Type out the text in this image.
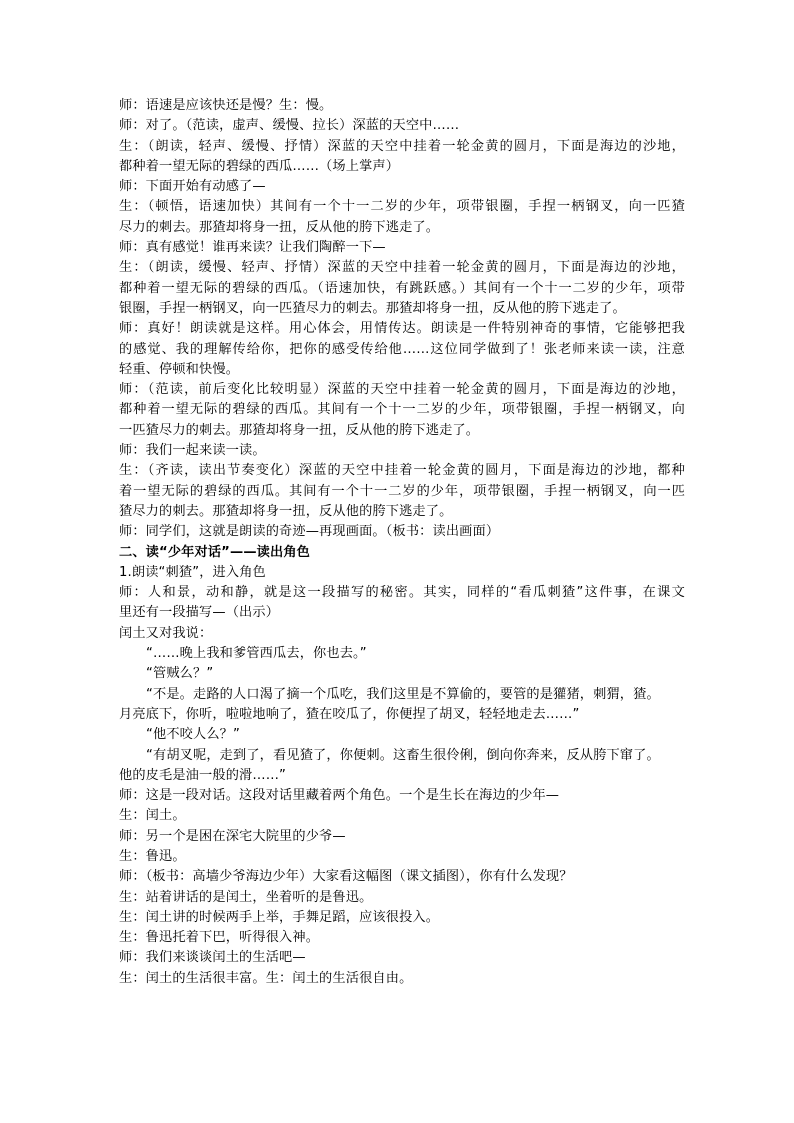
师：语速是应该快还是慢？生：慢。
师：对了。（范读，虚声、缓慢、拉长）深蓝的天空中……
生：（朗读，轻声、缓慢、抒情）深蓝的天空中挂着一轮金黄的圆月，下面是海边的沙地，
都种着一望无际的碧绿的西瓜……（场上掌声）
师：下面开始有动感了—
生：（顿悟，语速加快）其间有一个十一二岁的少年，项带银圈，手捏一柄钢叉，向一匹猹
尽力的刺去。那猹却将身一扭，反从他的胯下逃走了。
师：真有感觉！谁再来读？让我们陶醉一下—
生：（朗读，缓慢、轻声、抒情）深蓝的天空中挂着一轮金黄的圆月，下面是海边的沙地，
都种着一望无际的碧绿的西瓜。（语速加快，有跳跃感。）其间有一个十一二岁的少年，项带
银圈，手捏一柄钢叉，向一匹猹尽力的刺去。那猹却将身一扭，反从他的胯下逃走了。
师：真好！朗读就是这样。用心体会，用情传达。朗读是一件特别神奇的事情，它能够把我
的感觉、我的理解传给你，把你的感受传给他……这位同学做到了！张老师来读一读，注意
轻重、停顿和快慢。
师：（范读，前后变化比较明显）深蓝的天空中挂着一轮金黄的圆月，下面是海边的沙地，
都种着一望无际的碧绿的西瓜。其间有一个十一二岁的少年，项带银圈，手捏一柄钢叉，向
一匹猹尽力的刺去。那猹却将身一扭，反从他的胯下逃走了。
师：我们一起来读一读。
生：（齐读，读出节奏变化）深蓝的天空中挂着一轮金黄的圆月，下面是海边的沙地，都种
着一望无际的碧绿的西瓜。其间有一个十一二岁的少年，项带银圈，手捏一柄钢叉，向一匹
猹尽力的刺去。那猹却将身一扭，反从他的胯下逃走了。
师：同学们，这就是朗读的奇迹—再现画面。（板书：读出画面）
二、读“少年对话”——读出角色
1.朗读“刺猹”，进入角色
师：人和景，动和静，就是这一段描写的秘密。其实，同样的“看瓜刺猹”这件事，在课文
里还有一段描写—（出示）
闰土又对我说：
“……晚上我和爹管西瓜去，你也去。”
“管贼么？”
“不是。走路的人口渴了摘一个瓜吃，我们这里是不算偷的，要管的是獾猪，刺猬，猹。
月亮底下，你听，啦啦地响了，猹在咬瓜了，你便捏了胡叉，轻轻地走去……”
“他不咬人么？”
“有胡叉呢，走到了，看见猹了，你便刺。这畜生很伶俐，倒向你奔来，反从胯下窜了。
他的皮毛是油一般的滑……”
师：这是一段对话。这段对话里藏着两个角色。一个是生长在海边的少年—
生：闰土。
师：另一个是困在深宅大院里的少爷—
生：鲁迅。
师：（板书：高墙少爷海边少年）大家看这幅图（课文插图），你有什么发现？
生：站着讲话的是闰土，坐着听的是鲁迅。
生：闰土讲的时候两手上举，手舞足蹈，应该很投入。
生：鲁迅托着下巴，听得很入神。
师：我们来谈谈闰土的生活吧—
生：闰土的生活很丰富。生：闰土的生活很自由。
